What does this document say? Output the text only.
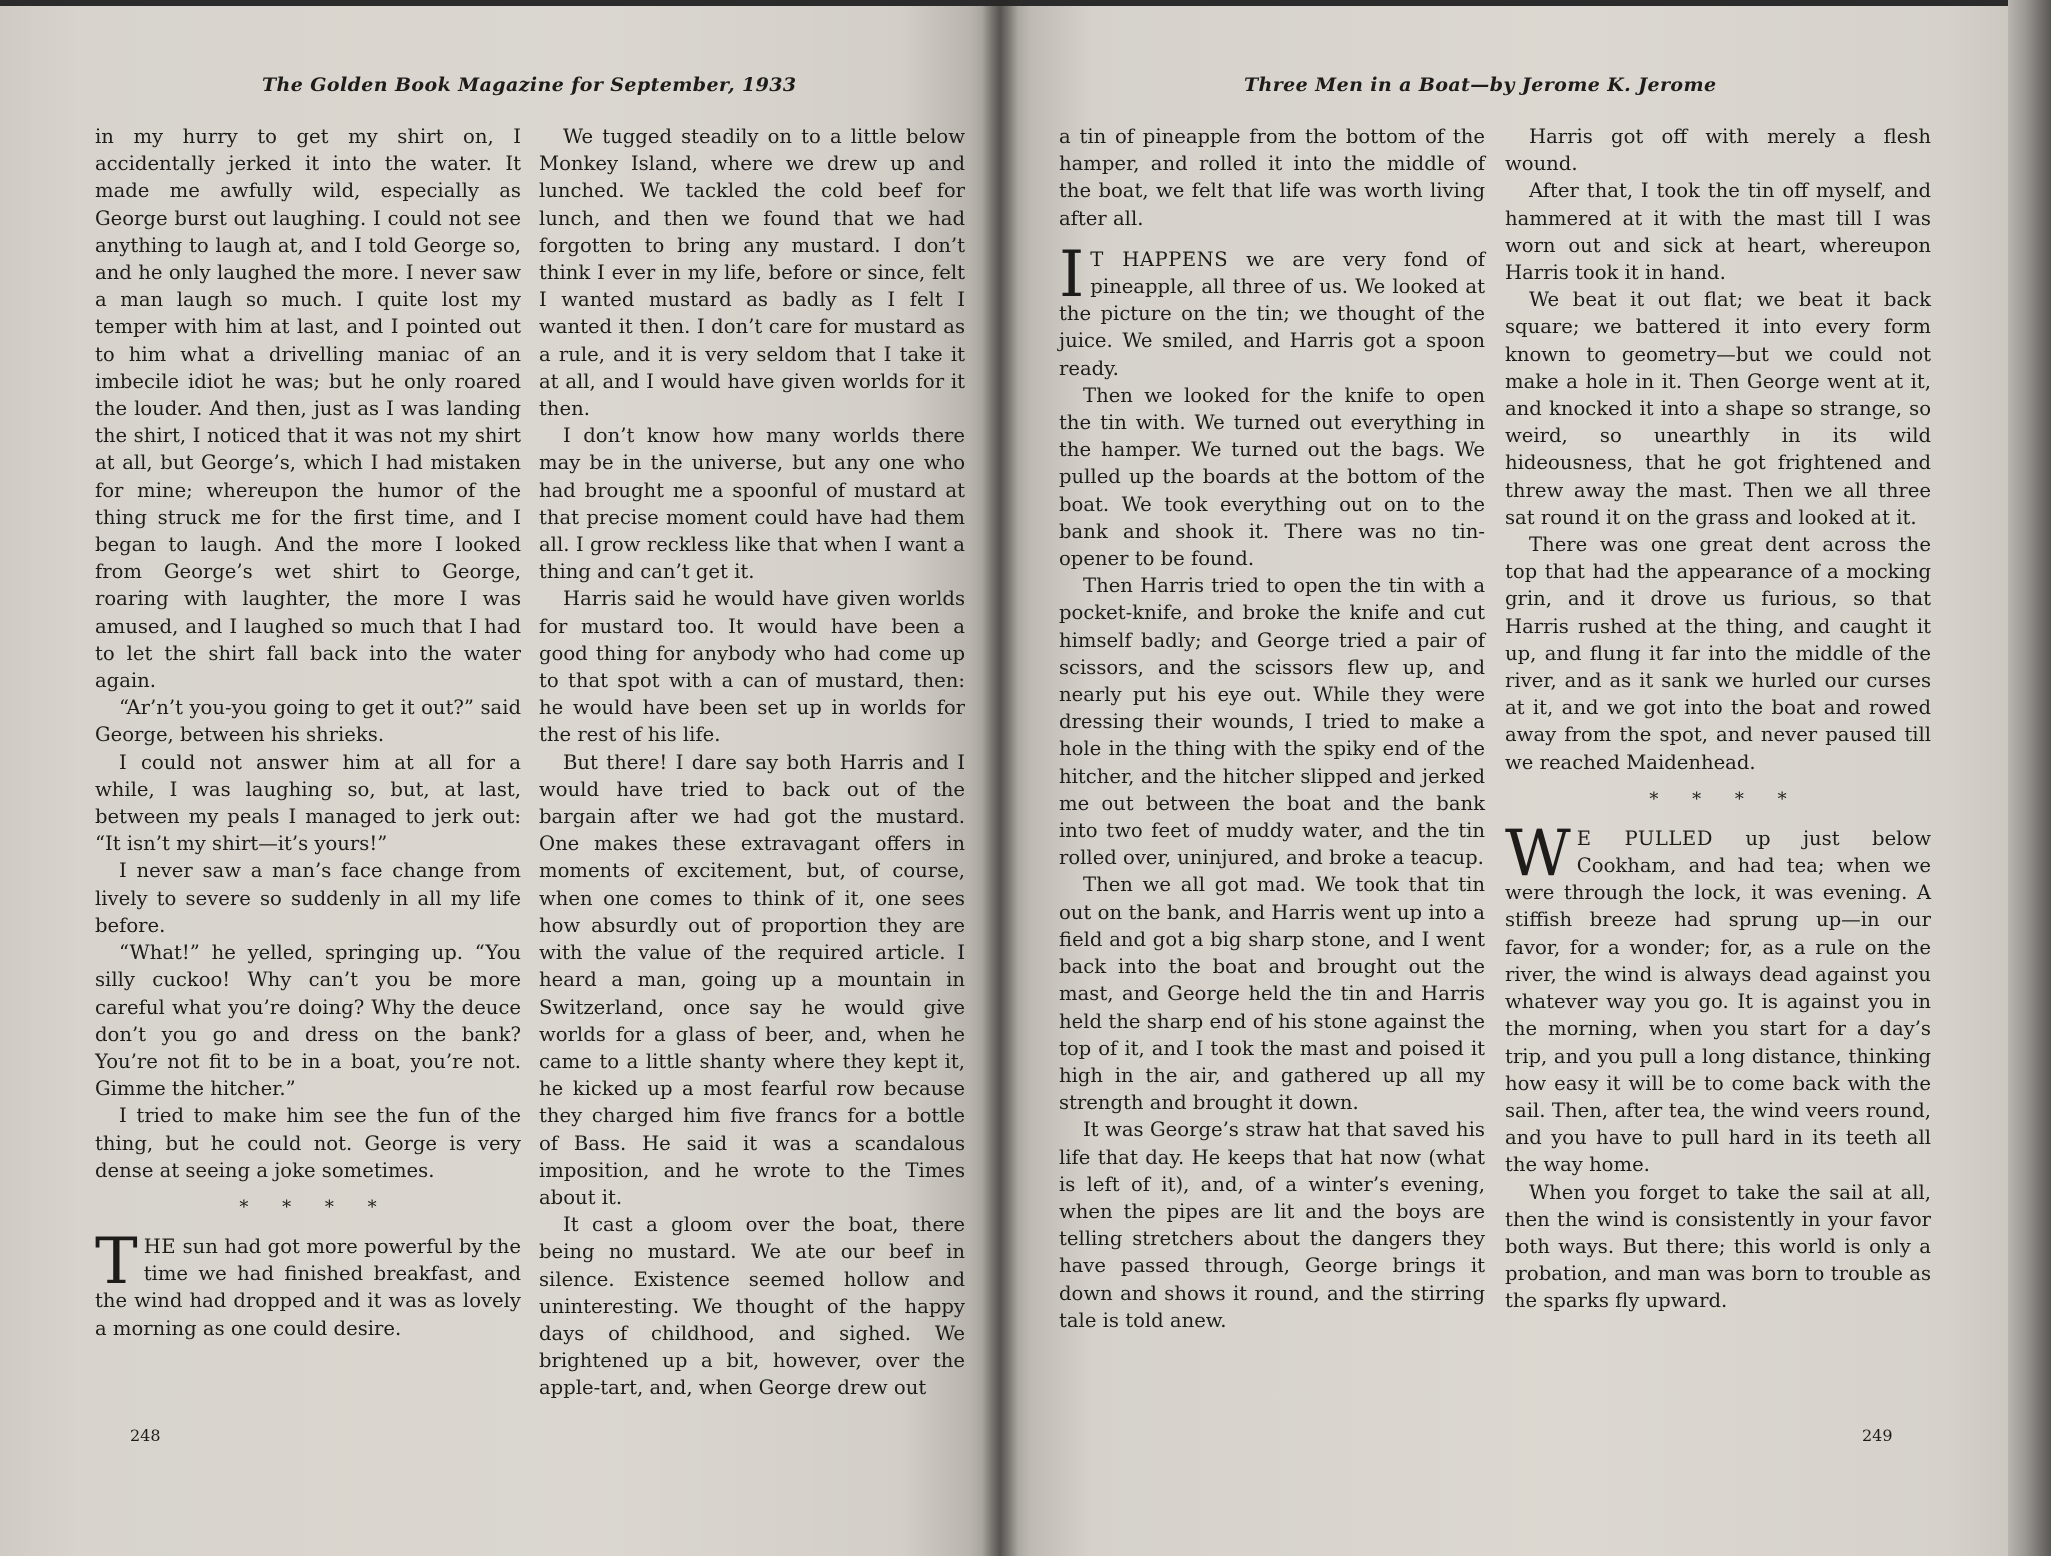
The Golden Book Magazine for September, 1933

in my hurry to get my shirt on, I accidentally jerked it into the water. It made me awfully wild, especially as George burst out laughing. I could not see anything to laugh at, and I told George so, and he only laughed the more. I never saw a man laugh so much. I quite lost my temper with him at last, and I pointed out to him what a drivelling maniac of an imbecile idiot he was; but he only roared the louder. And then, just as I was landing the shirt, I noticed that it was not my shirt at all, but George’s, which I had mistaken for mine; whereupon the humor of the thing struck me for the first time, and I began to laugh. And the more I looked from George’s wet shirt to George, roaring with laughter, the more I was amused, and I laughed so much that I had to let the shirt fall back into the water again.

“Ar’n’t you-you going to get it out?” said George, between his shrieks.

I could not answer him at all for a while, I was laughing so, but, at last, between my peals I managed to jerk out: “It isn’t my shirt—it’s yours!”

I never saw a man’s face change from lively to severe so suddenly in all my life before.

“What!” he yelled, springing up. “You silly cuckoo! Why can’t you be more careful what you’re doing? Why the deuce don’t you go and dress on the bank? You’re not fit to be in a boat, you’re not. Gimme the hitcher.”

I tried to make him see the fun of the thing, but he could not. George is very dense at seeing a joke sometimes.

* * * *

THE sun had got more powerful by the time we had finished breakfast, and the wind had dropped and it was as lovely a morning as one could desire.

We tugged steadily on to a little below Monkey Island, where we drew up and lunched. We tackled the cold beef for lunch, and then we found that we had forgotten to bring any mustard. I don’t think I ever in my life, before or since, felt I wanted mustard as badly as I felt I wanted it then. I don’t care for mustard as a rule, and it is very seldom that I take it at all, and I would have given worlds for it then.

I don’t know how many worlds there may be in the universe, but any one who had brought me a spoonful of mustard at that precise moment could have had them all. I grow reckless like that when I want a thing and can’t get it.

Harris said he would have given worlds for mustard too. It would have been a good thing for anybody who had come up to that spot with a can of mustard, then: he would have been set up in worlds for the rest of his life.

But there! I dare say both Harris and I would have tried to back out of the bargain after we had got the mustard. One makes these extravagant offers in moments of excitement, but, of course, when one comes to think of it, one sees how absurdly out of proportion they are with the value of the required article. I heard a man, going up a mountain in Switzerland, once say he would give worlds for a glass of beer, and, when he came to a little shanty where they kept it, he kicked up a most fearful row because they charged him five francs for a bottle of Bass. He said it was a scandalous imposition, and he wrote to the Times about it.

It cast a gloom over the boat, there being no mustard. We ate our beef in silence. Existence seemed hollow and uninteresting. We thought of the happy days of childhood, and sighed. We brightened up a bit, however, over the apple-tart, and, when George drew out

248
Three Men in a Boat—by Jerome K. Jerome

a tin of pineapple from the bottom of the hamper, and rolled it into the middle of the boat, we felt that life was worth living after all.

I T HAPPENS we are very fond of pineapple, all three of us. We looked at the picture on the tin; we thought of the juice. We smiled, and Harris got a spoon ready.

Then we looked for the knife to open the tin with. We turned out everything in the hamper. We turned out the bags. We pulled up the boards at the bottom of the boat. We took everything out on to the bank and shook it. There was no tin-opener to be found.

Then Harris tried to open the tin with a pocket-knife, and broke the knife and cut himself badly; and George tried a pair of scissors, and the scissors flew up, and nearly put his eye out. While they were dressing their wounds, I tried to make a hole in the thing with the spiky end of the hitcher, and the hitcher slipped and jerked me out between the boat and the bank into two feet of muddy water, and the tin rolled over, uninjured, and broke a teacup.

Then we all got mad. We took that tin out on the bank, and Harris went up into a field and got a big sharp stone, and I went back into the boat and brought out the mast, and George held the tin and Harris held the sharp end of his stone against the top of it, and I took the mast and poised it high in the air, and gathered up all my strength and brought it down.

It was George’s straw hat that saved his life that day. He keeps that hat now (what is left of it), and, of a winter’s evening, when the pipes are lit and the boys are telling stretchers about the dangers they have passed through, George brings it down and shows it round, and the stirring tale is told anew.

Harris got off with merely a flesh wound.

After that, I took the tin off myself, and hammered at it with the mast till I was worn out and sick at heart, whereupon Harris took it in hand.

We beat it out flat; we beat it back square; we battered it into every form known to geometry—but we could not make a hole in it. Then George went at it, and knocked it into a shape so strange, so weird, so unearthly in its wild hideousness, that he got frightened and threw away the mast. Then we all three sat round it on the grass and looked at it.

There was one great dent across the top that had the appearance of a mocking grin, and it drove us furious, so that Harris rushed at the thing, and caught it up, and flung it far into the middle of the river, and as it sank we hurled our curses at it, and we got into the boat and rowed away from the spot, and never paused till we reached Maidenhead.

* * * *

W E PULLED up just below Cookham, and had tea; when we were through the lock, it was evening. A stiffish breeze had sprung up—in our favor, for a wonder; for, as a rule on the river, the wind is always dead against you whatever way you go. It is against you in the morning, when you start for a day’s trip, and you pull a long distance, thinking how easy it will be to come back with the sail. Then, after tea, the wind veers round, and you have to pull hard in its teeth all the way home.

When you forget to take the sail at all, then the wind is consistently in your favor both ways. But there; this world is only a probation, and man was born to trouble as the sparks fly upward.

249
